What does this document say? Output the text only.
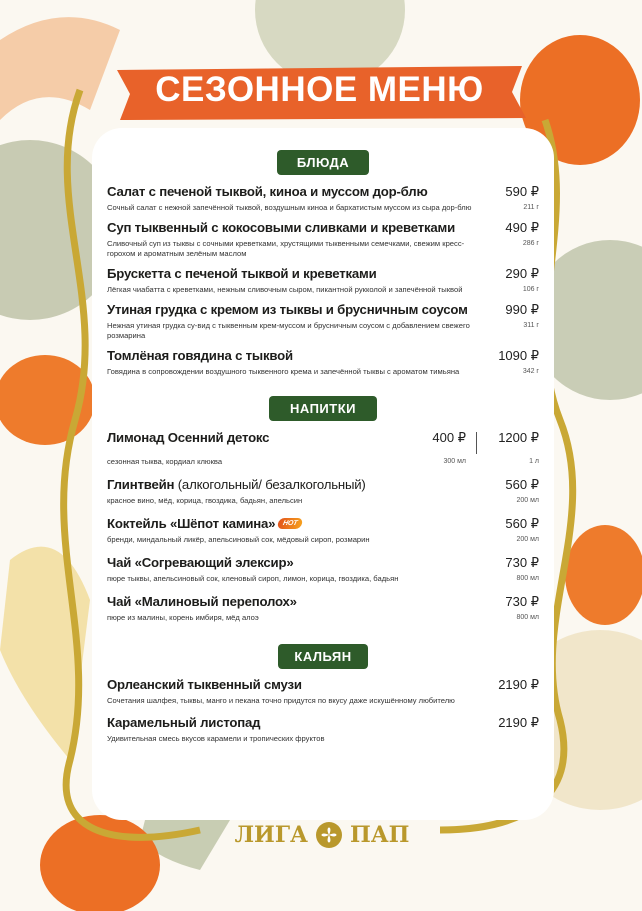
СЕЗОННОЕ МЕНЮ
БЛЮДА
Салат с печеной тыквой, киноа и муссом дор-блю	590 ₽
Сочный салат с нежной запечённой тыквой, воздушным киноа и бархатистым муссом из сыра дор-блю	211 г
Суп тыквенный с кокосовыми сливками и креветками	490 ₽
Сливочный суп из тыквы с сочными креветками, хрустящими тыквенными семечками, свежим кресс-горохом и ароматным зелёным маслом
286 г
Брускетта с печеной тыквой и креветками	290 ₽
Лёгкая чиабатта с креветками, нежным сливочным сыром, пикантной рукколой и запечённой тыквой	106 г
Утиная грудка с кремом из тыквы и брусничным соусом	990 ₽
Нежная утиная грудка су-вид с тыквенным крем-муссом и брусничным соусом с добавлением свежего розмарина
311 г
Томлёная говядина с тыквой	1090 ₽
Говядина в сопровождении воздушного тыквенного крема и запечённой тыквы с ароматом тимьяна	342 г
НАПИТКИ
Лимонад Осенний детокс	400 ₽	1200 ₽
сезонная тыква, кордиал клюква	300 мл	1 л
Глинтвейн (алкогольный/ безалкогольный)	560 ₽
красное вино, мёд, корица, гвоздика, бадьян, апельсин	200 мл
Коктейль «Шёпот камина» HOT	560 ₽
бренди, миндальный ликёр, апельсиновый сок, мёдовый сироп, розмарин	200 мл
Чай «Согревающий элексир»	730 ₽
пюре тыквы, апельсиновый сок, кленовый сироп, лимон, корица, гвоздика, бадьян	800 мл
Чай «Малиновый переполох»	730 ₽
пюре из малины, корень имбиря, мёд алоэ	800 мл
КАЛЬЯН
Орлеанский тыквенный смузи	2190 ₽
Сочетания шалфея, тыквы, манго и пекана точно придутся по вкусу даже искушённому любителю
Карамельный листопад	2190 ₽
Удивительная смесь вкусов карамели и тропических фруктов
ЛИГА ПАП
